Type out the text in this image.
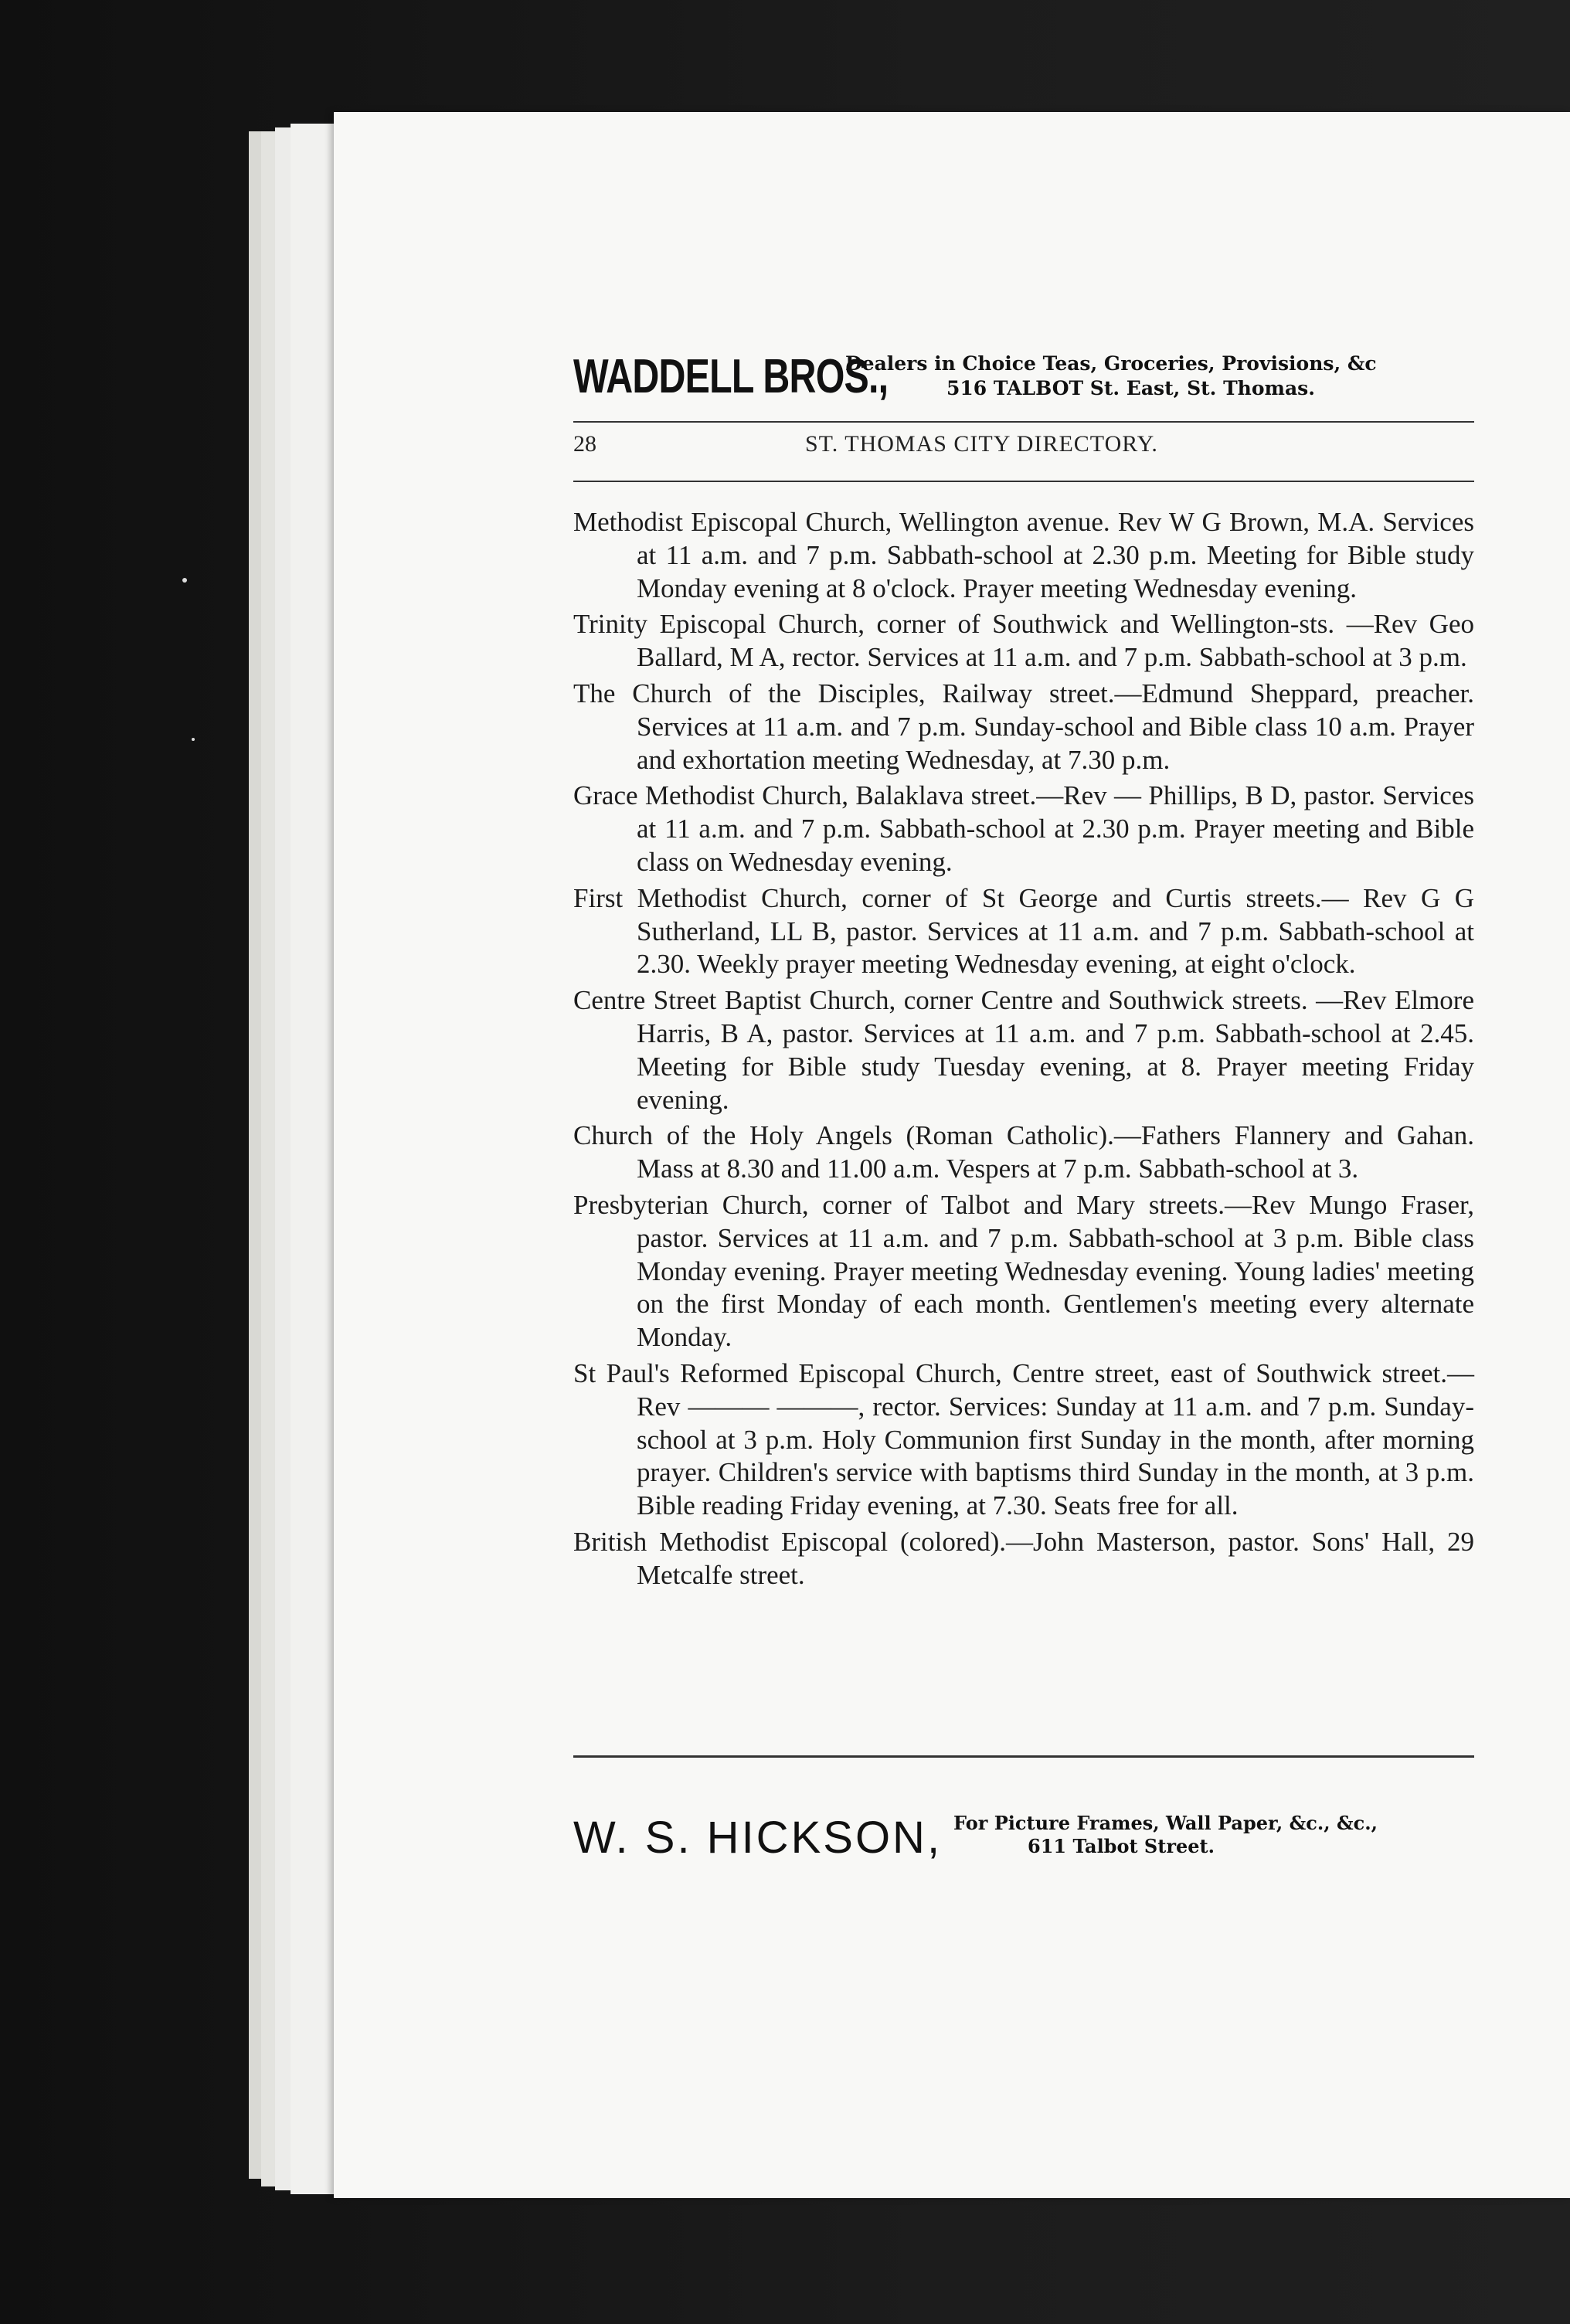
WADDELL BROS.,
Dealers in Choice Teas, Groceries, Provisions, &c
516 TALBOT St. East, St. Thomas.
28	ST. THOMAS CITY DIRECTORY.

Methodist Episcopal Church, Wellington avenue. Rev W G Brown, M.A. Services at 11 a.m. and 7 p.m. Sabbath-school at 2.30 p.m. Meeting for Bible study Monday evening at 8 o'clock. Prayer meeting Wednesday evening.

Trinity Episcopal Church, corner of Southwick and Wellington-sts. —Rev Geo Ballard, M A, rector. Services at 11 a.m. and 7 p.m. Sabbath-school at 3 p.m.

The Church of the Disciples, Railway street.—Edmund Sheppard, preacher. Services at 11 a.m. and 7 p.m. Sunday-school and Bible class 10 a.m. Prayer and exhortation meeting Wednesday, at 7.30 p.m.

Grace Methodist Church, Balaklava street.—Rev — Phillips, B D, pastor. Services at 11 a.m. and 7 p.m. Sabbath-school at 2.30 p.m. Prayer meeting and Bible class on Wednesday evening.

First Methodist Church, corner of St George and Curtis streets.— Rev G G Sutherland, LL B, pastor. Services at 11 a.m. and 7 p.m. Sabbath-school at 2.30. Weekly prayer meeting Wednesday evening, at eight o'clock.

Centre Street Baptist Church, corner Centre and Southwick streets. —Rev Elmore Harris, B A, pastor. Services at 11 a.m. and 7 p.m. Sabbath-school at 2.45. Meeting for Bible study Tuesday evening, at 8. Prayer meeting Friday evening.

Church of the Holy Angels (Roman Catholic).—Fathers Flannery and Gahan. Mass at 8.30 and 11.00 a.m. Vespers at 7 p.m. Sabbath-school at 3.

Presbyterian Church, corner of Talbot and Mary streets.—Rev Mungo Fraser, pastor. Services at 11 a.m. and 7 p.m. Sabbath-school at 3 p.m. Bible class Monday evening. Prayer meeting Wednesday evening. Young ladies' meeting on the first Monday of each month. Gentlemen's meeting every alternate Monday.

St Paul's Reformed Episcopal Church, Centre street, east of Southwick street.—Rev ——— ———, rector. Services: Sunday at 11 a.m. and 7 p.m. Sunday-school at 3 p.m. Holy Communion first Sunday in the month, after morning prayer. Children's service with baptisms third Sunday in the month, at 3 p.m. Bible reading Friday evening, at 7.30. Seats free for all.

British Methodist Episcopal (colored).—John Masterson, pastor. Sons' Hall, 29 Metcalfe street.

W. S. HICKSON, For Picture Frames, Wall Paper, &c., &c.,
611 Talbot Street.
